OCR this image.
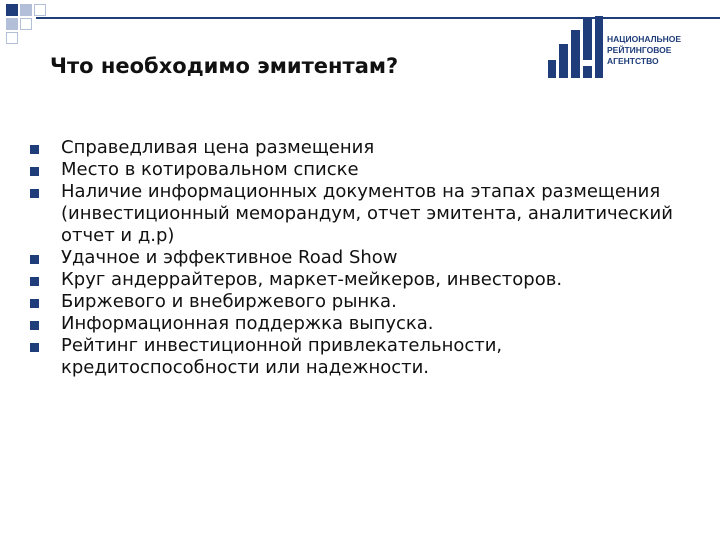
Что необходимо эмитентам?
НАЦИОНАЛЬНОЕ
РЕЙТИНГОВОЕ
АГЕНТСТВО
Справедливая цена размещения
Место в котировальном списке
Наличие информационных документов на этапах размещения (инвестиционный меморандум, отчет эмитента, аналитический отчет и д.р)
Удачное и эффективное Road Show
Круг андеррайтеров, маркет-мейкеров, инвесторов.
Биржевого и внебиржевого рынка.
Информационная поддержка выпуска.
Рейтинг инвестиционной привлекательности, кредитоспособности или надежности.
